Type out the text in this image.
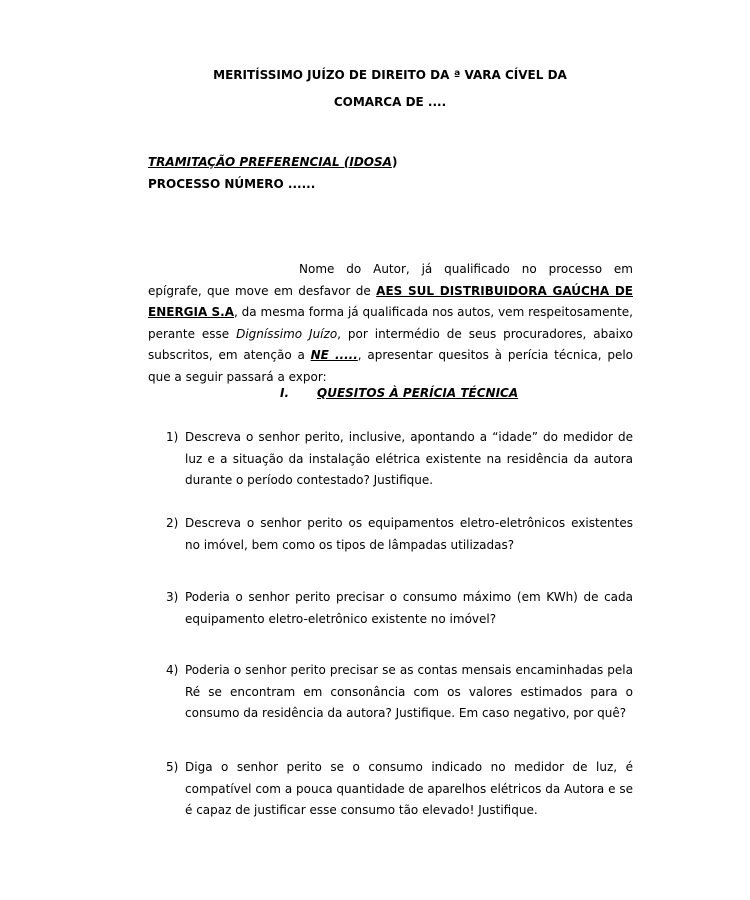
MERITÍSSIMO JUÍZO DE DIREITO DA ª VARA CÍVEL DA
COMARCA DE ....
TRAMITAÇÃO PREFERENCIAL (IDOSA)
PROCESSO NÚMERO ......
Nome do Autor, já qualificado no processo em epígrafe, que move em desfavor de AES SUL DISTRIBUIDORA GAÚCHA DE ENERGIA S.A, da mesma forma já qualificada nos autos, vem respeitosamente, perante esse Digníssimo Juízo, por intermédio de seus procuradores, abaixo subscritos, em atenção a NE ....., apresentar quesitos à perícia técnica, pelo que a seguir passará a expor:
I. QUESITOS À PERÍCIA TÉCNICA
1) Descreva o senhor perito, inclusive, apontando a “idade” do medidor de luz e a situação da instalação elétrica existente na residência da autora durante o período contestado? Justifique.
2) Descreva o senhor perito os equipamentos eletro-eletrônicos existentes no imóvel, bem como os tipos de lâmpadas utilizadas?
3) Poderia o senhor perito precisar o consumo máximo (em KWh) de cada equipamento eletro-eletrônico existente no imóvel?
4) Poderia o senhor perito precisar se as contas mensais encaminhadas pela Ré se encontram em consonância com os valores estimados para o consumo da residência da autora? Justifique. Em caso negativo, por quê?
5) Diga o senhor perito se o consumo indicado no medidor de luz, é compatível com a pouca quantidade de aparelhos elétricos da Autora e se é capaz de justificar esse consumo tão elevado! Justifique.
